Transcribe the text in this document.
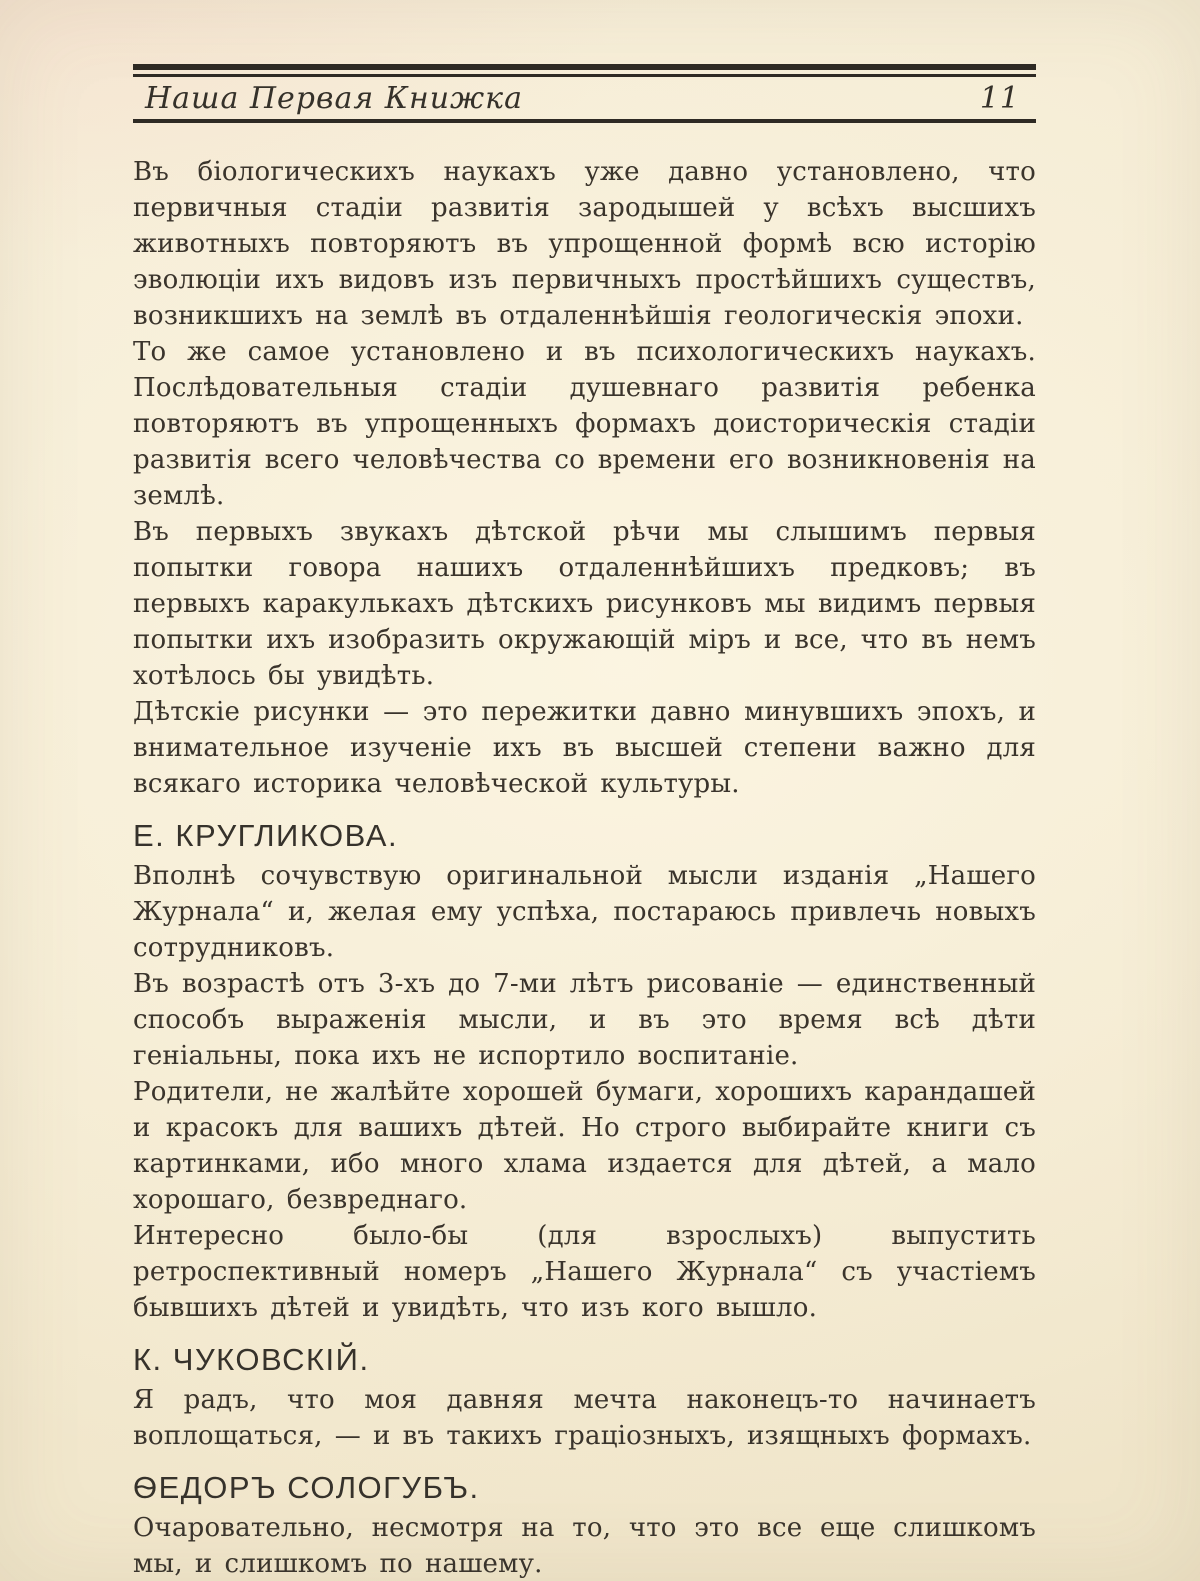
Наша Первая Книжка	11

Въ біологическихъ наукахъ уже давно установлено, что первичныя стадіи развитія зародышей у всѣхъ высшихъ животныхъ повторяютъ въ упрощенной формѣ всю исторію эволюціи ихъ видовъ изъ первичныхъ простѣйшихъ существъ, возникшихъ на землѣ въ отдаленнѣйшія геологическія эпохи.

То же самое установлено и въ психологическихъ наукахъ. Послѣдовательныя стадіи душевнаго развитія ребенка повторяютъ въ упрощенныхъ формахъ доисторическія стадіи развитія всего человѣчества со времени его возникновенія на землѣ.

Въ первыхъ звукахъ дѣтской рѣчи мы слышимъ первыя попытки говора нашихъ отдаленнѣйшихъ предковъ; въ первыхъ каракулькахъ дѣтскихъ рисунковъ мы видимъ первыя попытки ихъ изобразить окружающій міръ и все, что въ немъ хотѣлось бы увидѣть.

Дѣтскіе рисунки — это пережитки давно минувшихъ эпохъ, и внимательное изученіе ихъ въ высшей степени важно для всякаго историка человѣческой культуры.

Е. КРУГЛИКОВА.

Вполнѣ сочувствую оригинальной мысли изданія „Нашего Журнала“ и, желая ему успѣха, постараюсь привлечь новыхъ сотрудниковъ.

Въ возрастѣ отъ 3-хъ до 7-ми лѣтъ рисованіе — единственный способъ выраженія мысли, и въ это время всѣ дѣти геніальны, пока ихъ не испортило воспитаніе.

Родители, не жалѣйте хорошей бумаги, хорошихъ карандашей и красокъ для вашихъ дѣтей. Но строго выбирайте книги съ картинками, ибо много хлама издается для дѣтей, а мало хорошаго, безвреднаго.

Интересно было-бы (для взрослыхъ) выпустить ретроспективный номеръ „Нашего Журнала“ съ участіемъ бывшихъ дѣтей и увидѣть, что изъ кого вышло.

К. ЧУКОВСКІЙ.

Я радъ, что моя давняя мечта наконецъ-то начинаетъ воплощаться, — и въ такихъ граціозныхъ, изящныхъ формахъ.

ѲЕДОРЪ СОЛОГУБЪ.

Очаровательно, несмотря на то, что это все еще слишкомъ мы, и слишкомъ по нашему.
